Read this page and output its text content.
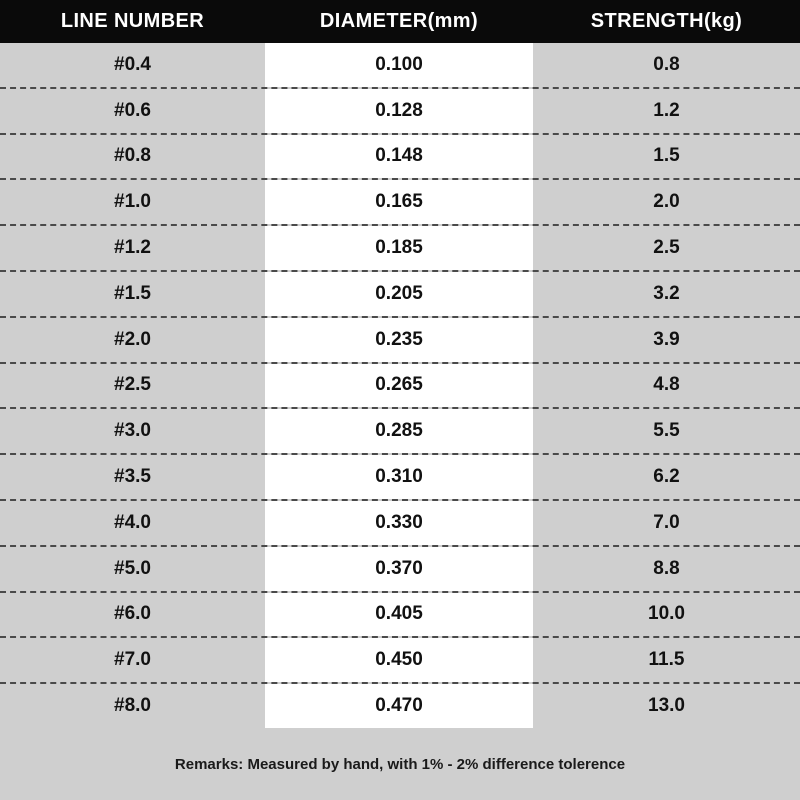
LINE NUMBER	DIAMETER(mm)	STRENGTH(kg)
#0.4	0.100	0.8
#0.6	0.128	1.2
#0.8	0.148	1.5
#1.0	0.165	2.0
#1.2	0.185	2.5
#1.5	0.205	3.2
#2.0	0.235	3.9
#2.5	0.265	4.8
#3.0	0.285	5.5
#3.5	0.310	6.2
#4.0	0.330	7.0
#5.0	0.370	8.8
#6.0	0.405	10.0
#7.0	0.450	11.5
#8.0	0.470	13.0
Remarks: Measured by hand, with 1% - 2% difference tolerence
